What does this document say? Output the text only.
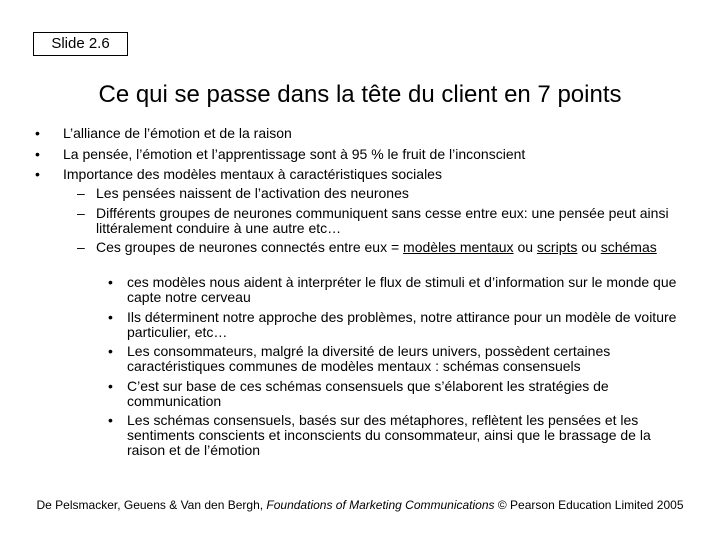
Slide 2.6
Ce qui se passe dans la tête du client en 7 points
• L’alliance de l’émotion et de la raison
• La pensée, l’émotion et l’apprentissage sont à 95 % le fruit de l’inconscient
• Importance des modèles mentaux à caractéristiques sociales
– Les pensées naissent de l’activation des neurones
– Différents groupes de neurones communiquent sans cesse entre eux: une pensée peut ainsi littéralement conduire à une autre etc…
– Ces groupes de neurones connectés entre eux = modèles mentaux ou scripts ou schémas
• ces modèles nous aident à interpréter le flux de stimuli et d’information sur le monde que capte notre cerveau
• Ils déterminent notre approche des problèmes, notre attirance pour un modèle de voiture particulier, etc…
• Les consommateurs, malgré la diversité de leurs univers, possèdent certaines caractéristiques communes de modèles mentaux : schémas consensuels
• C’est sur base de ces schémas consensuels que s’élaborent les stratégies de communication
• Les schémas consensuels, basés sur des métaphores, reflètent les pensées et les sentiments conscients et inconscients du consommateur, ainsi que le brassage de la raison et de l’émotion
De Pelsmacker, Geuens & Van den Bergh, Foundations of Marketing Communications © Pearson Education Limited 2005
